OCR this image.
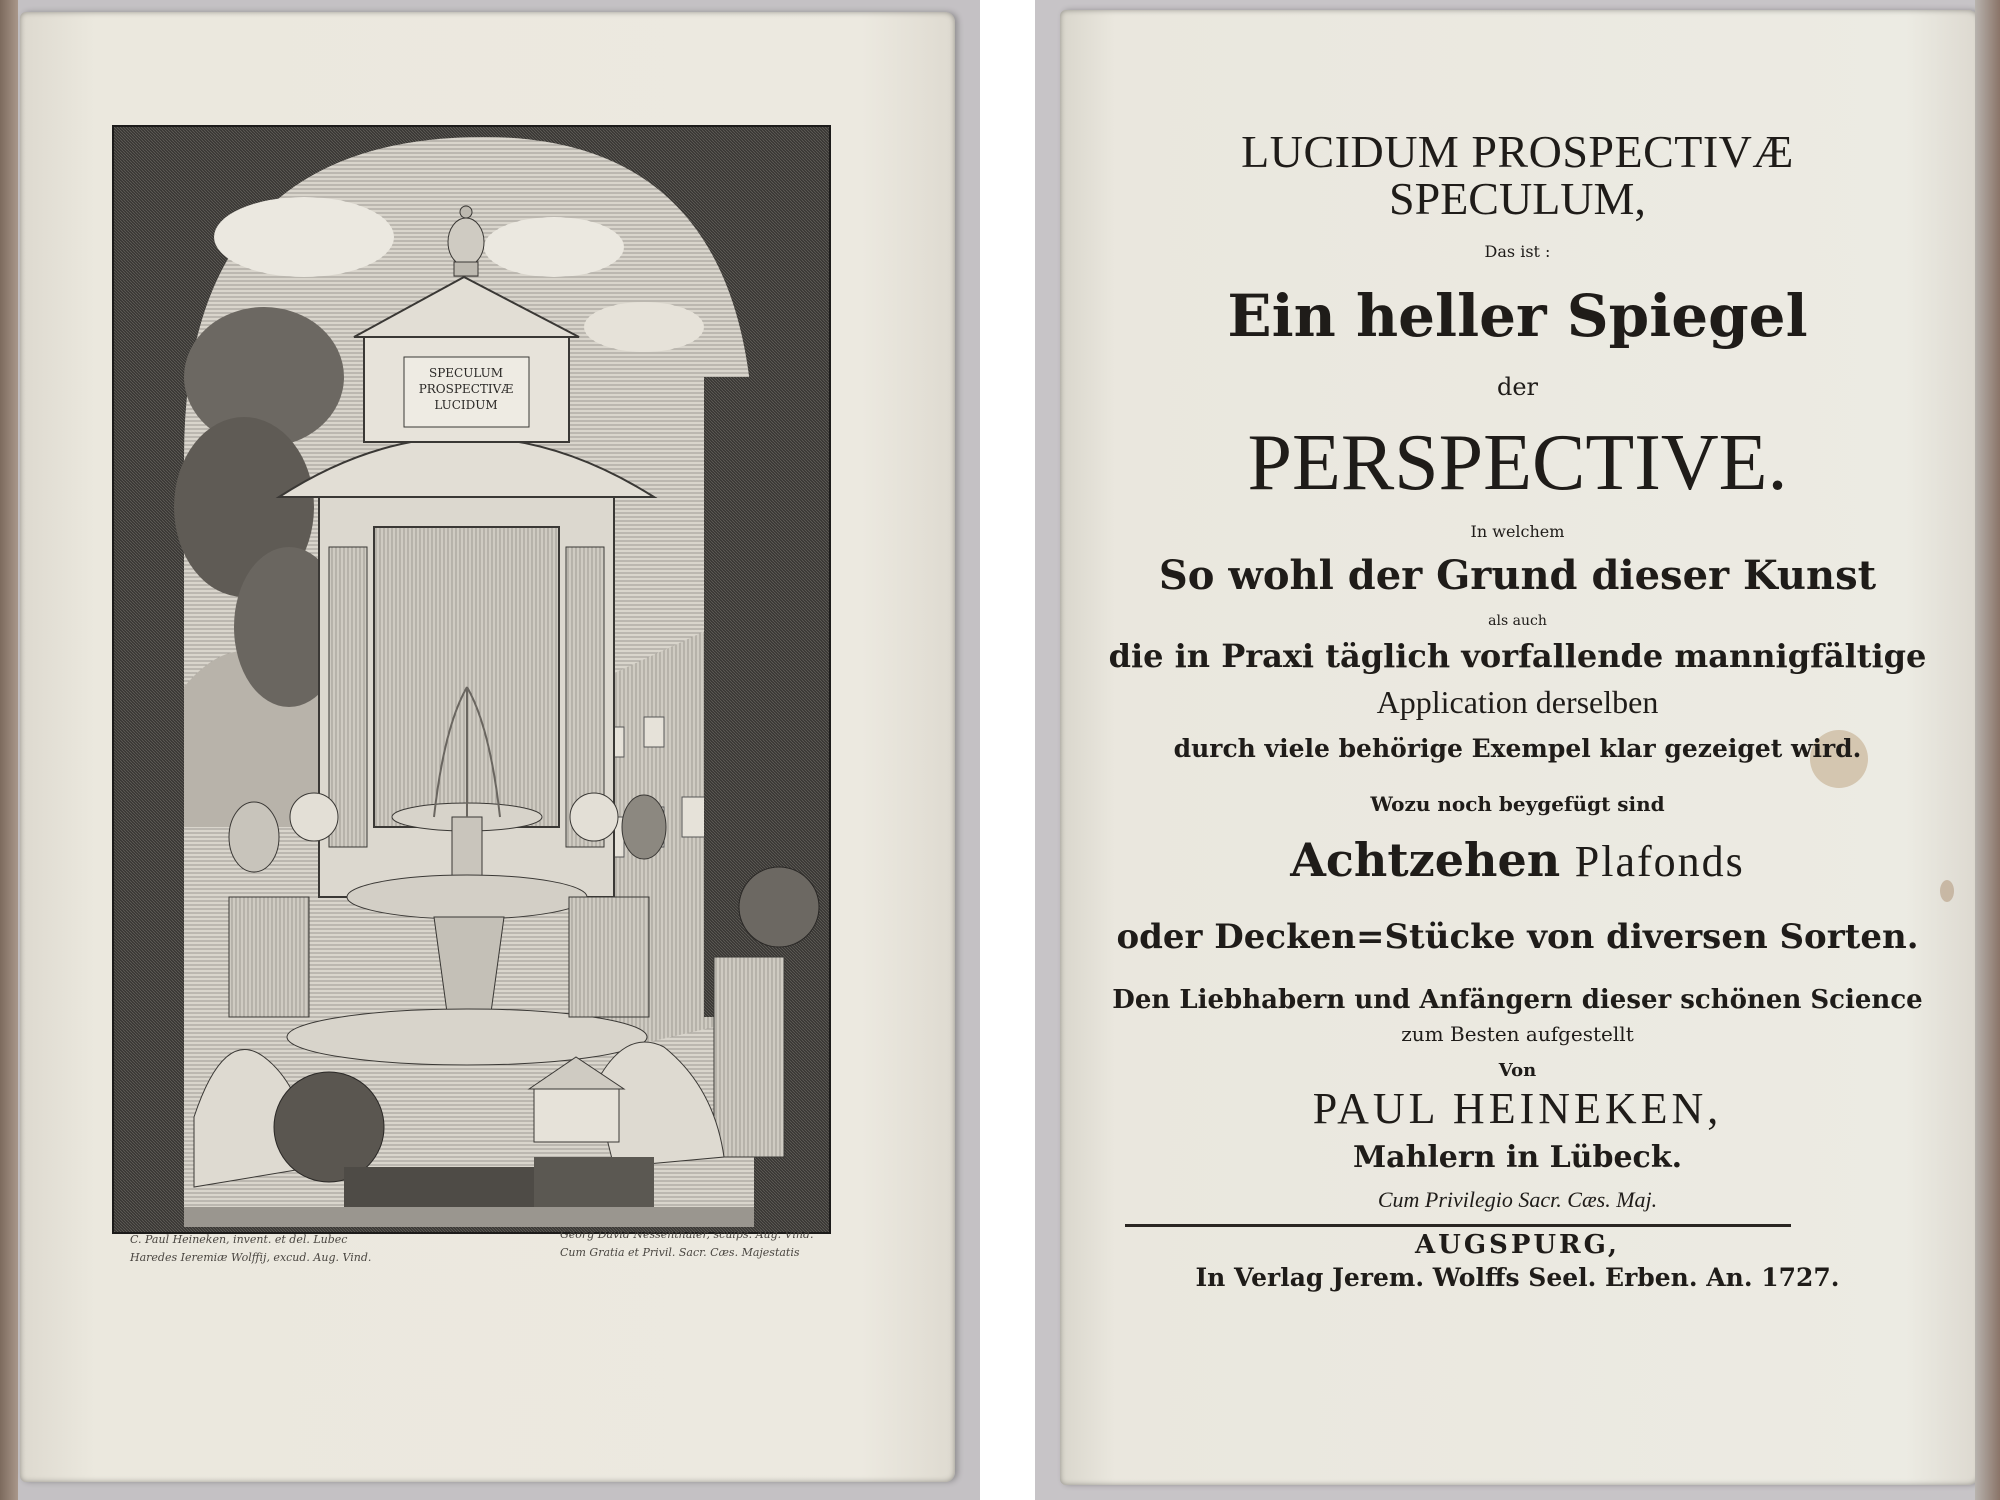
SPECULUM
PROSPECTIVÆ
LUCIDUM
C. Paul Heineken, invent. et del. Lubec
Haredes Ieremiæ Wolffij, excud. Aug. Vind.
Georg David Nessenthaler, sculps. Aug. Vind.
Cum Gratia et Privil. Sacr. Cæs. Majestatis
LUCIDUM PROSPECTIVÆ
SPECULUM,
Das ist :
Ein heller Spiegel
der
PERSPECTIVE.
In welchem
So wohl der Grund dieser Kunst
als auch
die in Praxi täglich vorfallende mannigfältige
Application derselben
durch viele behörige Exempel klar gezeiget wird.
Wozu noch beygefügt sind
Achtzehen Plafonds
oder Decken=Stücke von diversen Sorten.
Den Liebhabern und Anfängern dieser schönen Science
zum Besten aufgestellt
Von
PAUL HEINEKEN,
Mahlern in Lübeck.
Cum Privilegio Sacr. Cæs. Maj.
AUGSPURG,
In Verlag Jerem. Wolffs Seel. Erben. An. 1727.
